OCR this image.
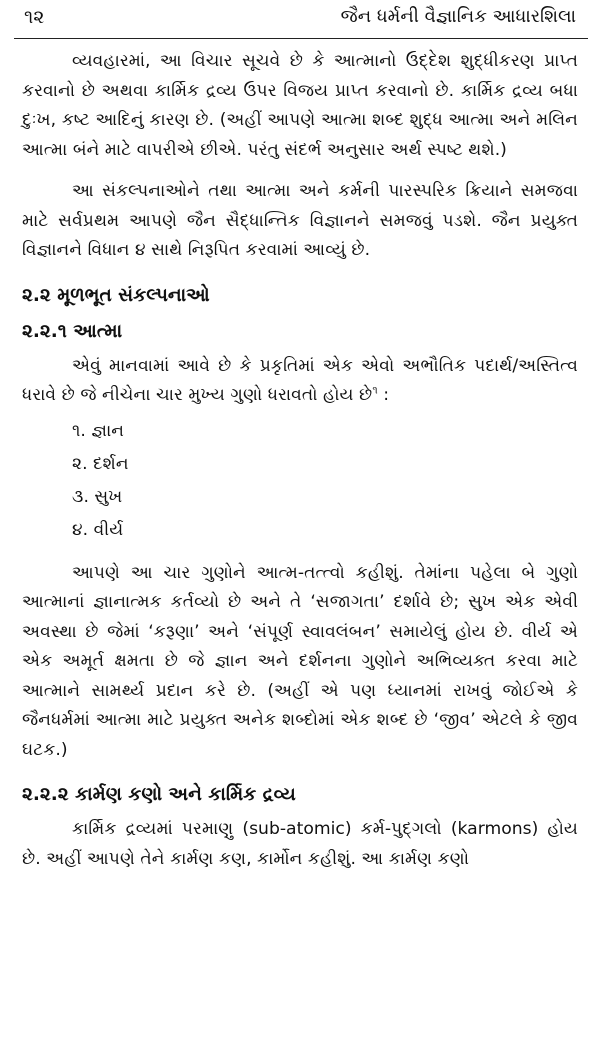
૧૨	જૈન ધર્મની વૈજ્ઞાનિક આધારશિલા

વ્યવહારમાં, આ વિચાર સૂચવે છે કે આત્માનો ઉદ્દેશ શુદ્ધીકરણ પ્રાપ્ત કરવાનો છે અથવા કાર્મિક દ્રવ્ય ઉપર વિજય પ્રાપ્ત કરવાનો છે. કાર્મિક દ્રવ્ય બધા દુઃખ, કષ્ટ આદિનું કારણ છે. (અહીં આપણે આત્મા શબ્દ શુદ્ધ આત્મા અને મલિન આત્મા બંને માટે વાપરીએ છીએ. પરંતુ સંદર્ભ અનુસાર અર્થ સ્પષ્ટ થશે.)

આ સંકલ્પનાઓને તથા આત્મા અને કર્મની પારસ્પરિક ક્રિયાને સમજવા માટે સર્વપ્રથમ આપણે જૈન સૈદ્ધાન્તિક વિજ્ઞાનને સમજવું પડશે. જૈન પ્રયુક્ત વિજ્ઞાનને વિધાન ૪ સાથે નિરૂપિત કરવામાં આવ્યું છે.

૨.૨ મૂળભૂત સંકલ્પનાઓ
૨.૨.૧ આત્મા

એવું માનવામાં આવે છે કે પ્રકૃતિમાં એક એવો અભૌતિક પદાર્થ/અસ્તિત્વ ધરાવે છે જે નીચેના ચાર મુખ્ય ગુણો ધરાવતો હોય છે$^૧$ :

૧. જ્ઞાન
૨. દર્શન
૩. સુખ
૪. વીર્ય

આપણે આ ચાર ગુણોને આત્મ-તત્ત્વો કહીશું. તેમાંના પહેલા બે ગુણો આત્માનાં જ્ઞાનાત્મક કર્તવ્યો છે અને તે ‘સજાગતા’ દર્શાવે છે; સુખ એક એવી અવસ્થા છે જેમાં ‘કરૂણા’ અને ‘સંપૂર્ણ સ્વાવલંબન’ સમાયેલું હોય છે. વીર્ય એ એક અમૂર્ત ક્ષમતા છે જે જ્ઞાન અને દર્શનના ગુણોને અભિવ્યક્ત કરવા માટે આત્માને સામર્થ્ય પ્રદાન કરે છે. (અહીં એ પણ ધ્યાનમાં રાખવું જોઈએ કે જૈનધર્મમાં આત્મા માટે પ્રયુક્ત અનેક શબ્દોમાં એક શબ્દ છે ‘જીવ’ એટલે કે જીવ ઘટક.)

૨.૨.૨ કાર્મણ કણો અને કાર્મિક દ્રવ્ય

કાર્મિક દ્રવ્યમાં પરમાણુ (sub-atomic) કર્મ-પુદ્ગલો (karmons) હોય છે. અહીં આપણે તેને કાર્મણ કણ, કાર્મોન કહીશું. આ કાર્મણ કણો
